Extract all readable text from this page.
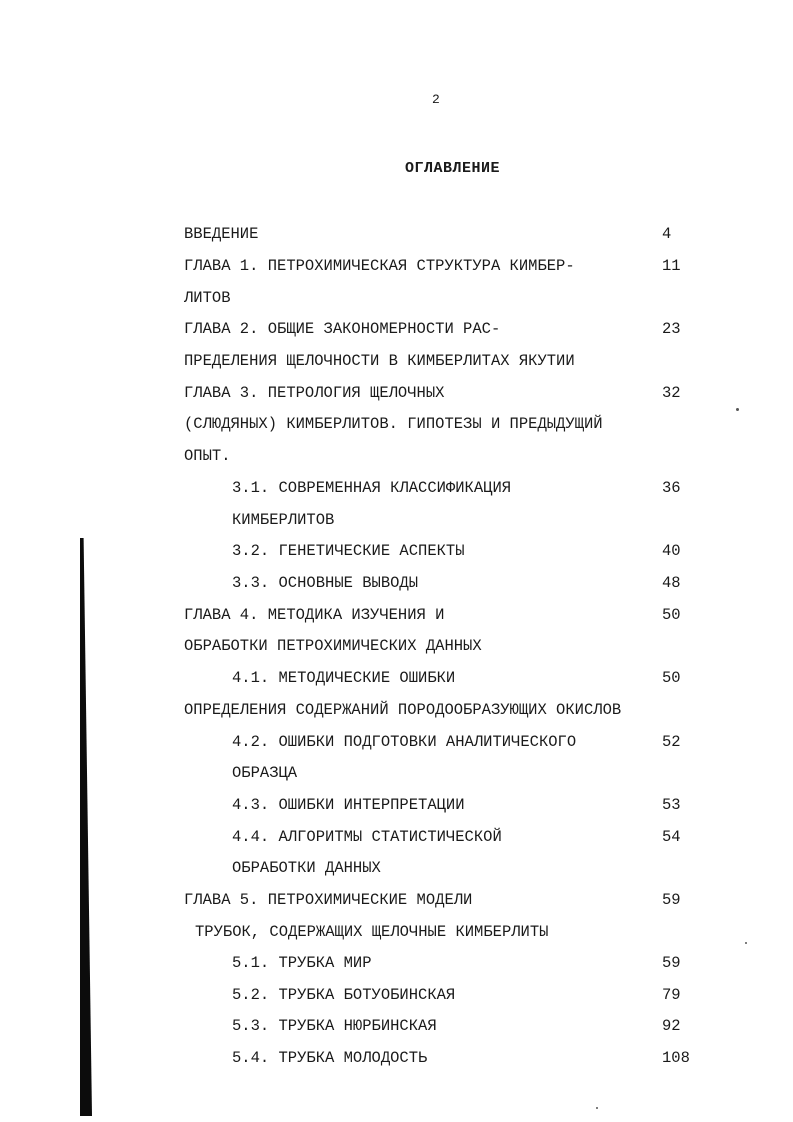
2
ОГЛАВЛЕНИЕ
ВВЕДЕНИЕ	4
ГЛАВА 1. ПЕТРОХИМИЧЕСКАЯ СТРУКТУРА КИМБЕР-	11
ЛИТОВ
ГЛАВА 2. ОБЩИЕ ЗАКОНОМЕРНОСТИ РАС-	23
ПРЕДЕЛЕНИЯ ЩЕЛОЧНОСТИ В КИМБЕРЛИТАХ ЯКУТИИ
ГЛАВА 3. ПЕТРОЛОГИЯ ЩЕЛОЧНЫХ	32
(СЛЮДЯНЫХ) КИМБЕРЛИТОВ. ГИПОТЕЗЫ И ПРЕДЫДУЩИЙ
ОПЫТ.
3.1. СОВРЕМЕННАЯ КЛАССИФИКАЦИЯ	36
КИМБЕРЛИТОВ
3.2. ГЕНЕТИЧЕСКИЕ АСПЕКТЫ	40
3.3. ОСНОВНЫЕ ВЫВОДЫ	48
ГЛАВА 4. МЕТОДИКА ИЗУЧЕНИЯ И	50
ОБРАБОТКИ ПЕТРОХИМИЧЕСКИХ ДАННЫХ
4.1. МЕТОДИЧЕСКИЕ ОШИБКИ	50
ОПРЕДЕЛЕНИЯ СОДЕРЖАНИЙ ПОРОДООБРАЗУЮЩИХ ОКИСЛОВ
4.2. ОШИБКИ ПОДГОТОВКИ АНАЛИТИЧЕСКОГО	52
ОБРАЗЦА
4.3. ОШИБКИ ИНТЕРПРЕТАЦИИ	53
4.4. АЛГОРИТМЫ СТАТИСТИЧЕСКОЙ	54
ОБРАБОТКИ ДАННЫХ
ГЛАВА 5. ПЕТРОХИМИЧЕСКИЕ МОДЕЛИ	59
ТРУБОК, СОДЕРЖАЩИХ ЩЕЛОЧНЫЕ КИМБЕРЛИТЫ
5.1. ТРУБКА МИР	59
5.2. ТРУБКА БОТУОБИНСКАЯ	79
5.3. ТРУБКА НЮРБИНСКАЯ	92
5.4. ТРУБКА МОЛОДОСТЬ	108
